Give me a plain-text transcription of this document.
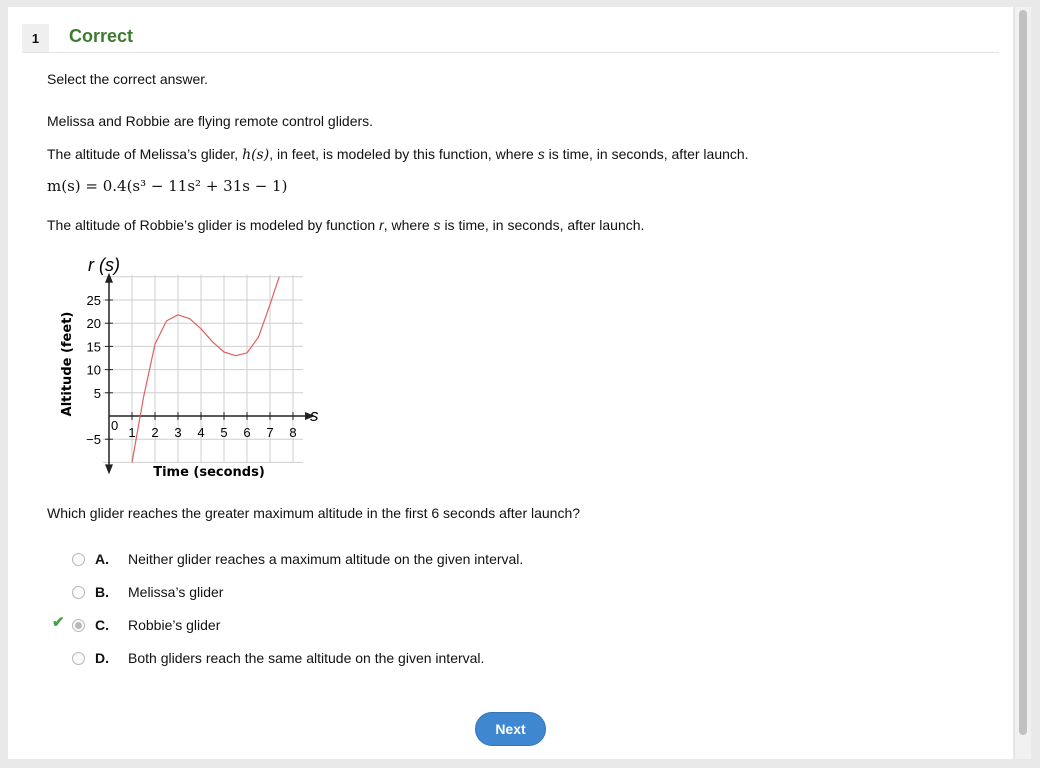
1	Correct
Select the correct answer.
Melissa and Robbie are flying remote control gliders.
The altitude of Melissa’s glider, h(s), in feet, is modeled by this function, where s is time, in seconds, after launch.
m(s) = 0.4(s³ − 11s² + 31s − 1)
The altitude of Robbie’s glider is modeled by function r, where s is time, in seconds, after launch.
1 2 3 4 5 6 7 8
25
20
15
10
5
−5
r (s)
s
Time (seconds)
Altitude (feet)
0
Which glider reaches the greater maximum altitude in the first 6 seconds after launch?
A. Neither glider reaches a maximum altitude on the given interval.
B. Melissa’s glider
✔ C. Robbie’s glider
D. Both gliders reach the same altitude on the given interval.
Next
